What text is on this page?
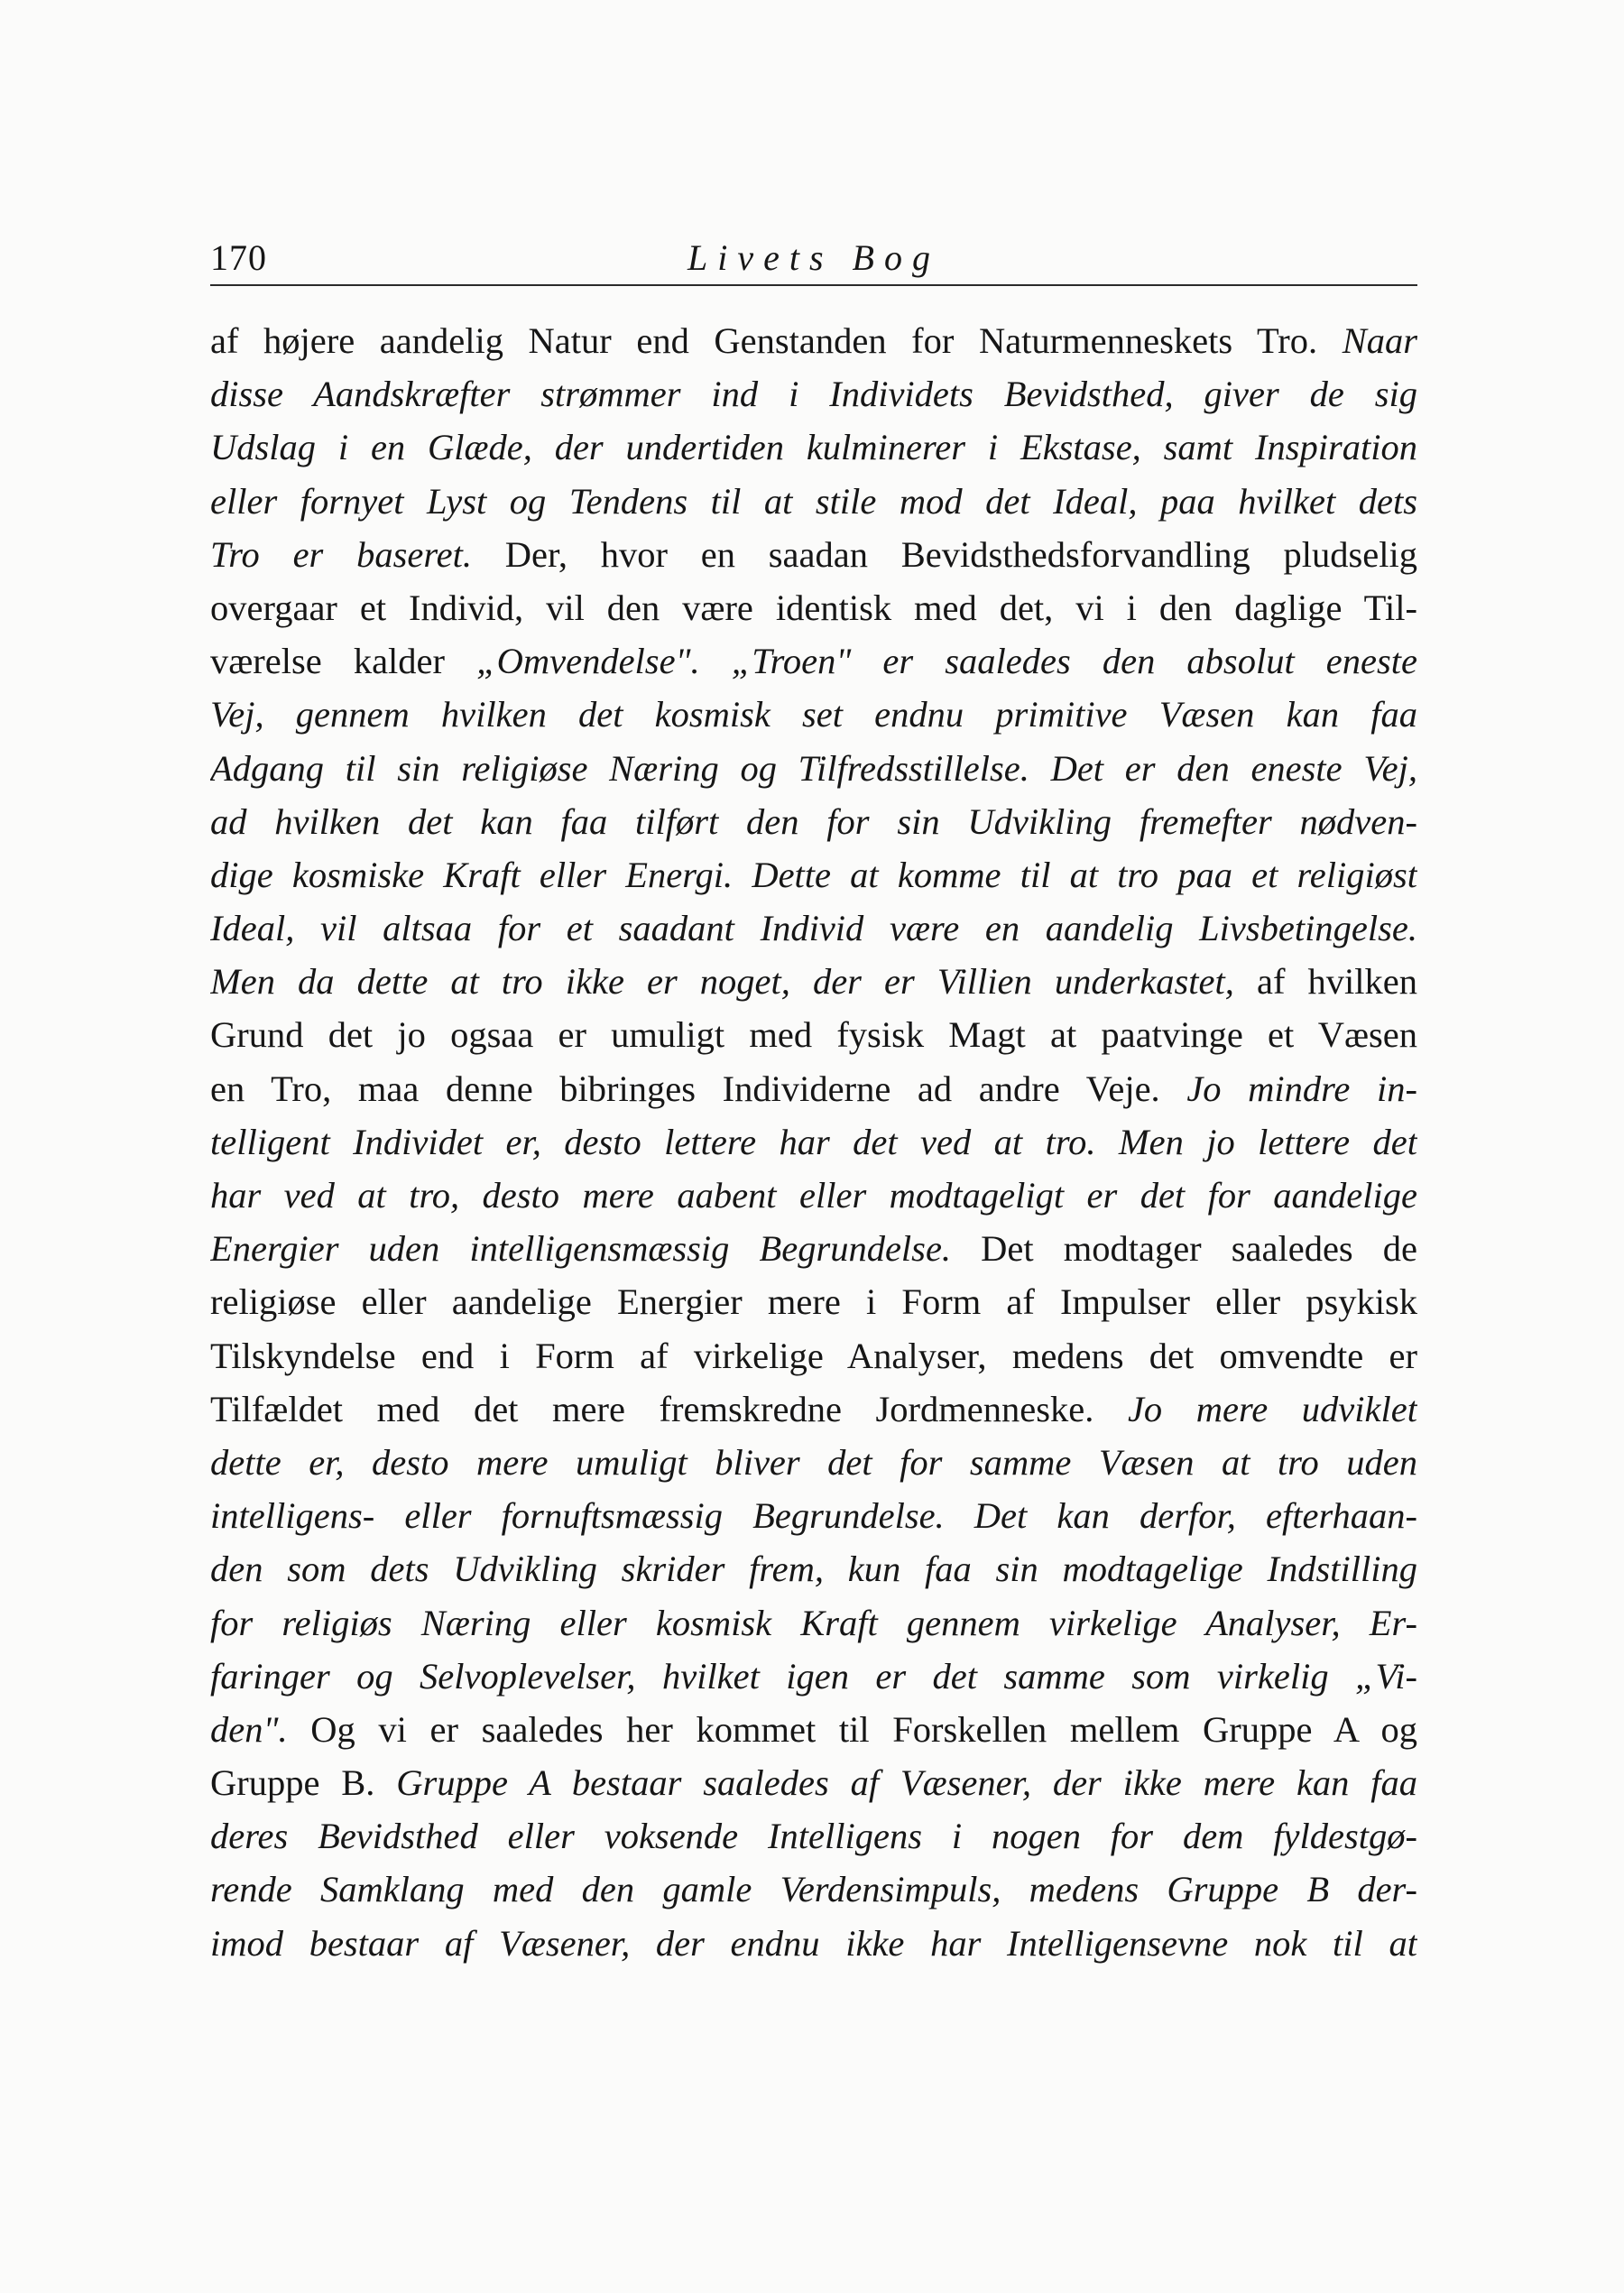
170	Livets Bog
af højere aandelig Natur end Genstanden for Naturmenneskets Tro. Naar
disse Aandskræfter strømmer ind i Individets Bevidsthed, giver de sig
Udslag i en Glæde, der undertiden kulminerer i Ekstase, samt Inspiration
eller fornyet Lyst og Tendens til at stile mod det Ideal, paa hvilket dets
Tro er baseret. Der, hvor en saadan Bevidsthedsforvandling pludselig
overgaar et Individ, vil den være identisk med det, vi i den daglige Til-
værelse kalder „Omvendelse". „Troen" er saaledes den absolut eneste
Vej, gennem hvilken det kosmisk set endnu primitive Væsen kan faa
Adgang til sin religiøse Næring og Tilfredsstillelse. Det er den eneste Vej,
ad hvilken det kan faa tilført den for sin Udvikling fremefter nødven-
dige kosmiske Kraft eller Energi. Dette at komme til at tro paa et religiøst
Ideal, vil altsaa for et saadant Individ være en aandelig Livsbetingelse.
Men da dette at tro ikke er noget, der er Villien underkastet, af hvilken
Grund det jo ogsaa er umuligt med fysisk Magt at paatvinge et Væsen
en Tro, maa denne bibringes Individerne ad andre Veje. Jo mindre in-
telligent Individet er, desto lettere har det ved at tro. Men jo lettere det
har ved at tro, desto mere aabent eller modtageligt er det for aandelige
Energier uden intelligensmæssig Begrundelse. Det modtager saaledes de
religiøse eller aandelige Energier mere i Form af Impulser eller psykisk
Tilskyndelse end i Form af virkelige Analyser, medens det omvendte er
Tilfældet med det mere fremskredne Jordmenneske. Jo mere udviklet
dette er, desto mere umuligt bliver det for samme Væsen at tro uden
intelligens- eller fornuftsmæssig Begrundelse. Det kan derfor, efterhaan-
den som dets Udvikling skrider frem, kun faa sin modtagelige Indstilling
for religiøs Næring eller kosmisk Kraft gennem virkelige Analyser, Er-
faringer og Selvoplevelser, hvilket igen er det samme som virkelig „Vi-
den". Og vi er saaledes her kommet til Forskellen mellem Gruppe A og
Gruppe B. Gruppe A bestaar saaledes af Væsener, der ikke mere kan faa
deres Bevidsthed eller voksende Intelligens i nogen for dem fyldestgø-
rende Samklang med den gamle Verdensimpuls, medens Gruppe B der-
imod bestaar af Væsener, der endnu ikke har Intelligensevne nok til at
